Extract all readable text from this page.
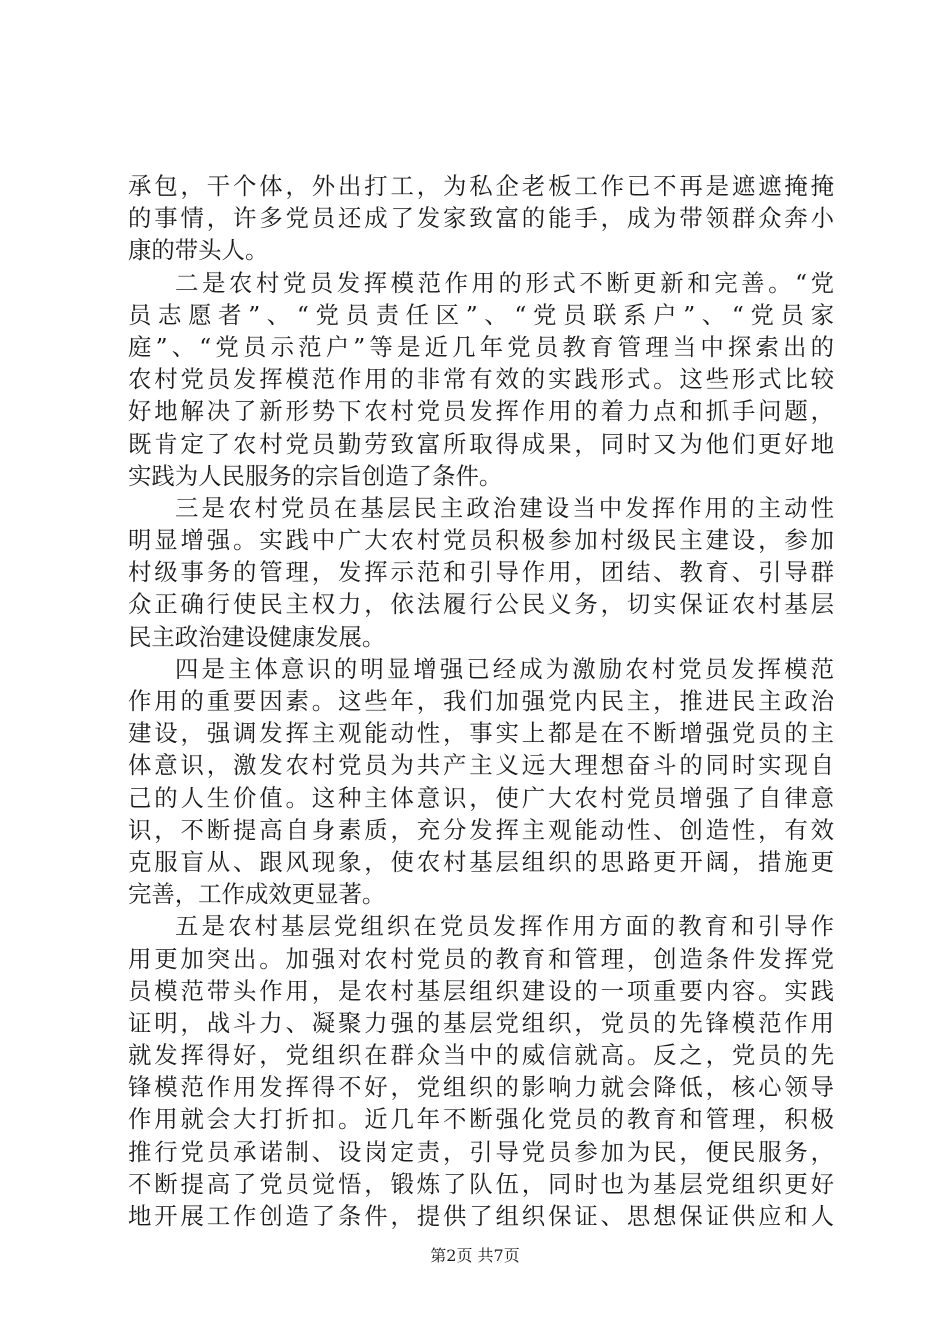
承包，干个体，外出打工，为私企老板工作已不再是遮遮掩掩
的事情，许多党员还成了发家致富的能手，成为带领群众奔小
康的带头人。
二是农村党员发挥模范作用的形式不断更新和完善。“党
员志愿者”、“党员责任区”、“党员联系户”、“党员家
庭”、“党员示范户”等是近几年党员教育管理当中探索出的
农村党员发挥模范作用的非常有效的实践形式。这些形式比较
好地解决了新形势下农村党员发挥作用的着力点和抓手问题，
既肯定了农村党员勤劳致富所取得成果，同时又为他们更好地
实践为人民服务的宗旨创造了条件。
三是农村党员在基层民主政治建设当中发挥作用的主动性
明显增强。实践中广大农村党员积极参加村级民主建设，参加
村级事务的管理，发挥示范和引导作用，团结、教育、引导群
众正确行使民主权力，依法履行公民义务，切实保证农村基层
民主政治建设健康发展。
四是主体意识的明显增强已经成为激励农村党员发挥模范
作用的重要因素。这些年，我们加强党内民主，推进民主政治
建设，强调发挥主观能动性，事实上都是在不断增强党员的主
体意识，激发农村党员为共产主义远大理想奋斗的同时实现自
己的人生价值。这种主体意识，使广大农村党员增强了自律意
识，不断提高自身素质，充分发挥主观能动性、创造性，有效
克服盲从、跟风现象，使农村基层组织的思路更开阔，措施更
完善，工作成效更显著。
五是农村基层党组织在党员发挥作用方面的教育和引导作
用更加突出。加强对农村党员的教育和管理，创造条件发挥党
员模范带头作用，是农村基层组织建设的一项重要内容。实践
证明，战斗力、凝聚力强的基层党组织，党员的先锋模范作用
就发挥得好，党组织在群众当中的威信就高。反之，党员的先
锋模范作用发挥得不好，党组织的影响力就会降低，核心领导
作用就会大打折扣。近几年不断强化党员的教育和管理，积极
推行党员承诺制、设岗定责，引导党员参加为民，便民服务，
不断提高了党员觉悟，锻炼了队伍，同时也为基层党组织更好
地开展工作创造了条件，提供了组织保证、思想保证供应和人
第2页 共7页
